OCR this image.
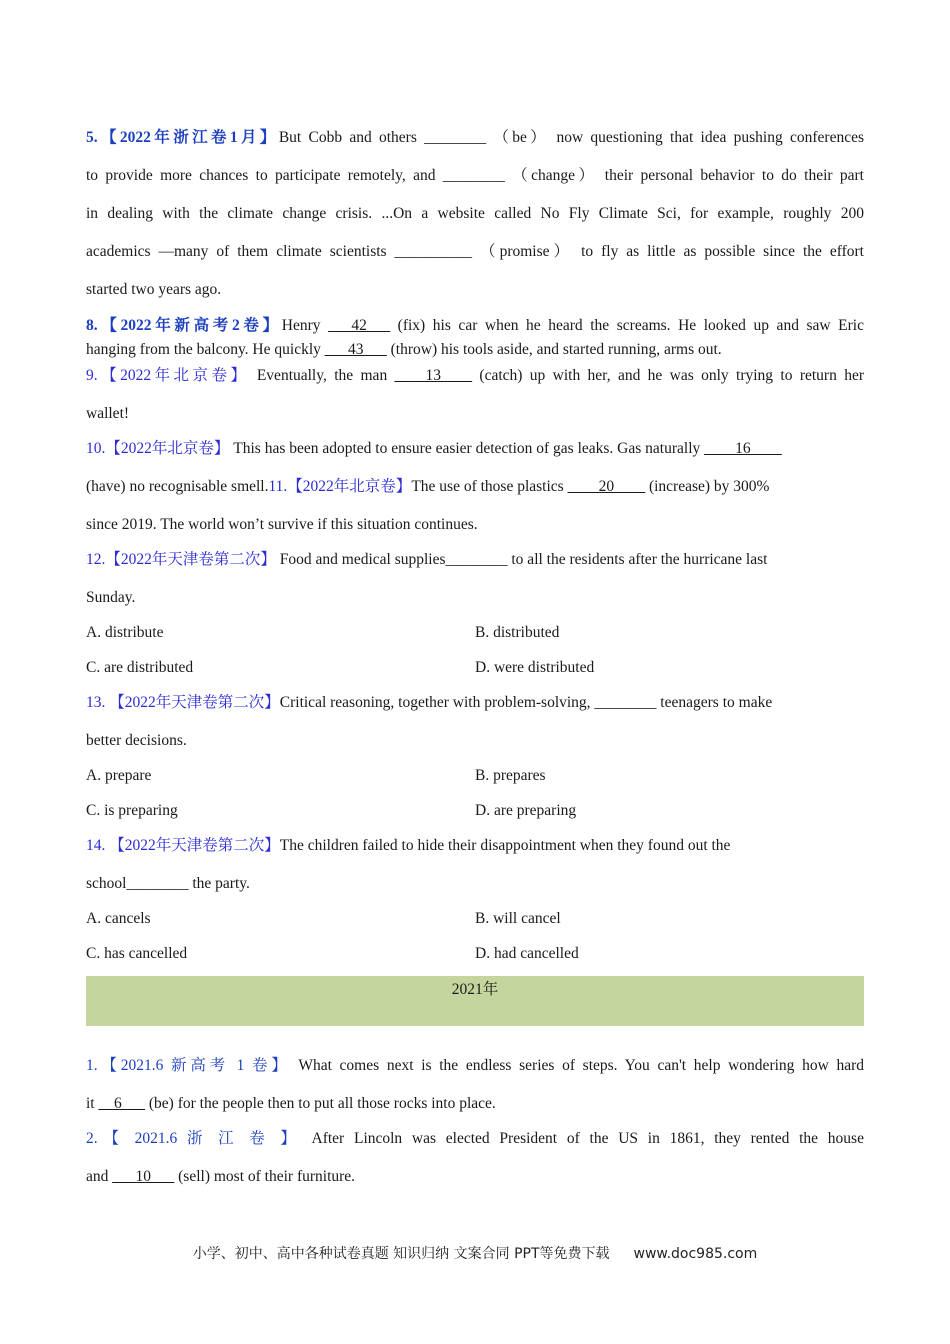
5.【2022年浙江卷1月】But Cobb and others ________ （be） now questioning that idea pushing conferences
to provide more chances to participate remotely, and ________ （change） their personal behavior to do their part
in dealing with the climate change crisis. ...On a website called No Fly Climate Sci, for example, roughly 200
academics —many of them climate scientists __________ （promise） to fly as little as possible since the effort
started two years ago.
8.【2022年新高考2卷】Henry ___42___ (fix) his car when he heard the screams. He looked up and saw Eric
hanging from the balcony. He quickly ___43___ (throw) his tools aside, and started running, arms out.
9.【2022年北京卷】 Eventually, the man ____13____ (catch) up with her, and he was only trying to return her
wallet!
10.【2022年北京卷】 This has been adopted to ensure easier detection of gas leaks. Gas naturally ____16____
(have) no recognisable smell.11.【2022年北京卷】The use of those plastics ____20____ (increase) by 300%
since 2019. The world won’t survive if this situation continues.
12.【2022年天津卷第二次】 Food and medical supplies________ to all the residents after the hurricane last
Sunday.
A. distribute	B. distributed
C. are distributed	D. were distributed
13. 【2022年天津卷第二次】Critical reasoning, together with problem-solving, ________ teenagers to make
better decisions.
A. prepare	B. prepares
C. is preparing	D. are preparing
14. 【2022年天津卷第二次】The children failed to hide their disappointment when they found out the
school________ the party.
A. cancels	B. will cancel
C. has cancelled	D. had cancelled
1.【2021.6 新高考 1 卷】 What comes next is the endless series of steps. You can't help wondering how hard
it __6___ (be) for the people then to put all those rocks into place.
2.【 2021.6 浙 江 卷 】 After Lincoln was elected President of the US in 1861, they rented the house
and ___10___ (sell) most of their furniture.
2021年
小学、初中、高中各种试卷真题 知识归纳 文案合同 PPT等免费下载 www.doc985.com
